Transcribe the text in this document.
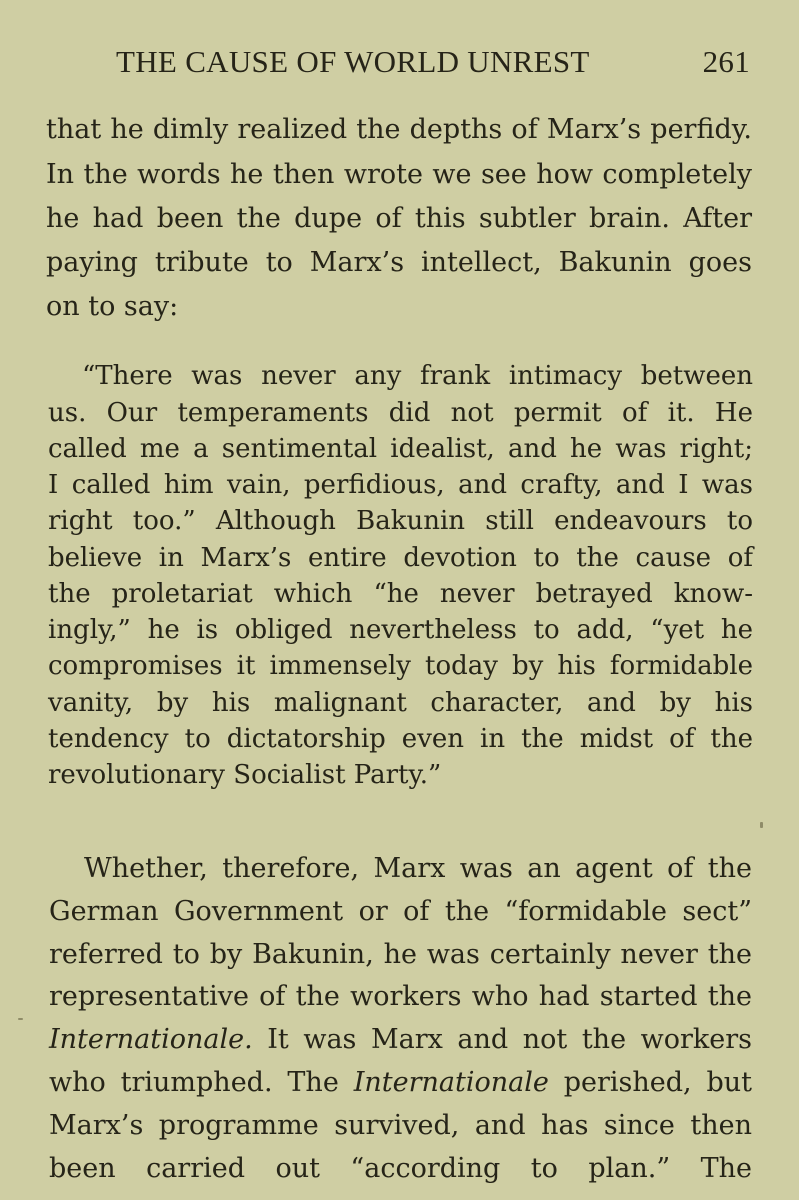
THE CAUSE OF WORLD UNREST	261
that he dimly realized the depths of Marx’s perfidy.
In the words he then wrote we see how completely
he had been the dupe of this subtler brain. After
paying tribute to Marx’s intellect, Bakunin goes
on to say:
“There was never any frank intimacy between
us. Our temperaments did not permit of it. He
called me a sentimental idealist, and he was right;
I called him vain, perfidious, and crafty, and I was
right too.” Although Bakunin still endeavours to
believe in Marx’s entire devotion to the cause of
the proletariat which “he never betrayed know-
ingly,” he is obliged nevertheless to add, “yet he
compromises it immensely today by his formidable
vanity, by his malignant character, and by his
tendency to dictatorship even in the midst of the
revolutionary Socialist Party.”
Whether, therefore, Marx was an agent of the
German Government or of the “formidable sect”
referred to by Bakunin, he was certainly never the
representative of the workers who had started the
Internationale. It was Marx and not the workers
who triumphed. The Internationale perished, but
Marx’s programme survived, and has since then
been carried out “according to plan.” The
